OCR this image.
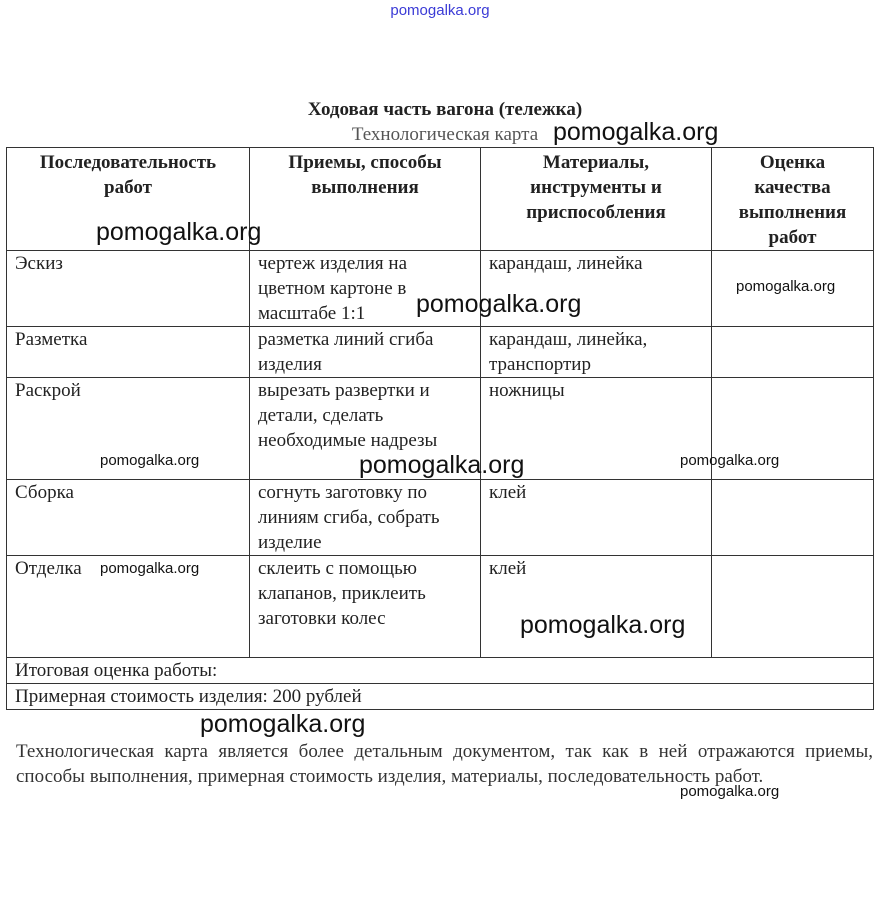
pomogalka.org
Ходовая часть вагона (тележка)
Технологическая карта
Последовательность работ	Приемы, способы выполнения	Материалы, инструменты и приспособления	Оценка качества выполнения работ
Эскиз	чертеж изделия на цветном картоне в масштабе 1:1	карандаш, линейка	
Разметка	разметка линий сгиба изделия	карандаш, линейка, транспортир	
Раскрой	вырезать развертки и детали, сделать необходимые надрезы	ножницы	
Сборка	согнуть заготовку по линиям сгиба, собрать изделие	клей	
Отделка	склеить с помощью клапанов, приклеить заготовки колес	клей	
Итоговая оценка работы:			
Примерная стоимость изделия: 200 рублей			
Технологическая карта является более детальным документом, так как в ней отражаются приемы, способы выполнения, примерная стоимость изделия, материалы, последовательность работ.
pomogalka.org
pomogalka.org
pomogalka.org
pomogalka.org
pomogalka.org	pomogalka.org	pomogalka.org
pomogalka.org
pomogalka.org
pomogalka.org
pomogalka.org
